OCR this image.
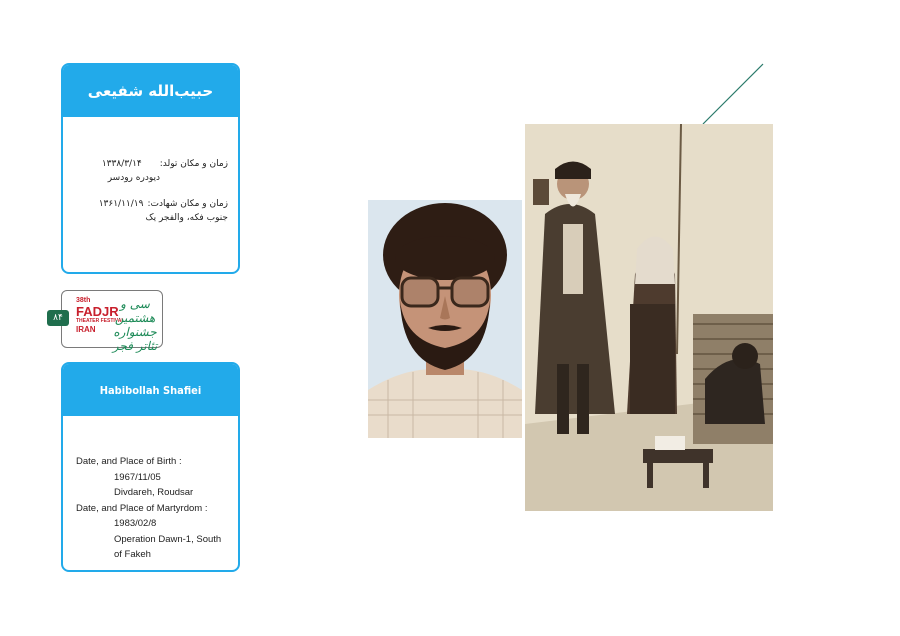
حبیب‌الله شفیعی
زمان و مکان تولد:
۱۳۳۸/۳/۱۴
دیودره رودسر
زمان و مکان شهادت:
۱۳۶۱/۱۱/۱۹
جنوب فکه، والفجر یک
38th
FADJR
THEATER FESTIVAL
IRAN
سی و هشتمین جشنواره تئاتر فجر
۸۴
Habibollah Shafiei
Date, and Place of Birth :
1967/11/05
Divdareh, Roudsar
Date, and Place of Martyrdom :
1983/02/8
Operation Dawn-1, South
of Fakeh
